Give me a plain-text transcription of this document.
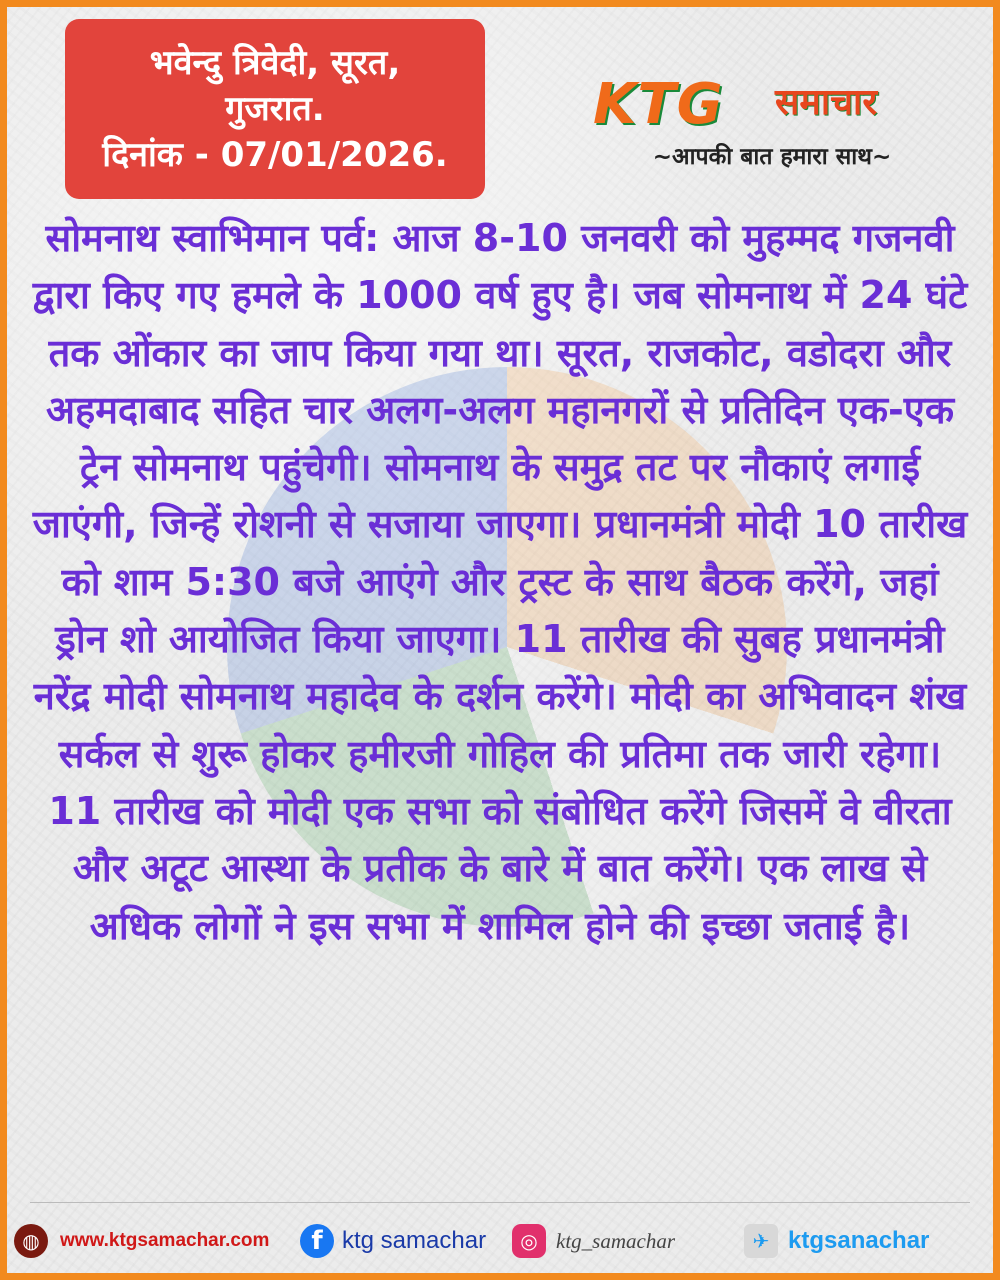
भवेन्दु त्रिवेदी, सूरत,
गुजरात.
दिनांक - 07/01/2026.
KTG समाचार
~आपकी बात हमारा साथ~

सोमनाथ स्वाभिमान पर्व: आज 8-10 जनवरी को मुहम्मद गजनवी द्वारा किए गए हमले के 1000 वर्ष हुए है। जब सोमनाथ में 24 घंटे तक ओंकार का जाप किया गया था। सूरत, राजकोट, वडोदरा और अहमदाबाद सहित चार अलग-अलग महानगरों से प्रतिदिन एक-एक ट्रेन सोमनाथ पहुंचेगी। सोमनाथ के समुद्र तट पर नौकाएं लगाई जाएंगी, जिन्हें रोशनी से सजाया जाएगा। प्रधानमंत्री मोदी 10 तारीख को शाम 5:30 बजे आएंगे और ट्रस्ट के साथ बैठक करेंगे, जहां ड्रोन शो आयोजित किया जाएगा। 11 तारीख की सुबह प्रधानमंत्री नरेंद्र मोदी सोमनाथ महादेव के दर्शन करेंगे। मोदी का अभिवादन शंख सर्कल से शुरू होकर हमीरजी गोहिल की प्रतिमा तक जारी रहेगा। 11 तारीख को मोदी एक सभा को संबोधित करेंगे जिसमें वे वीरता और अटूट आस्था के प्रतीक के बारे में बात करेंगे। एक लाख से अधिक लोगों ने इस सभा में शामिल होने की इच्छा जताई है।

◍	www.ktgsamachar.com	f ktg samachar	◎ ktg_samachar	✈ ktgsanachar
